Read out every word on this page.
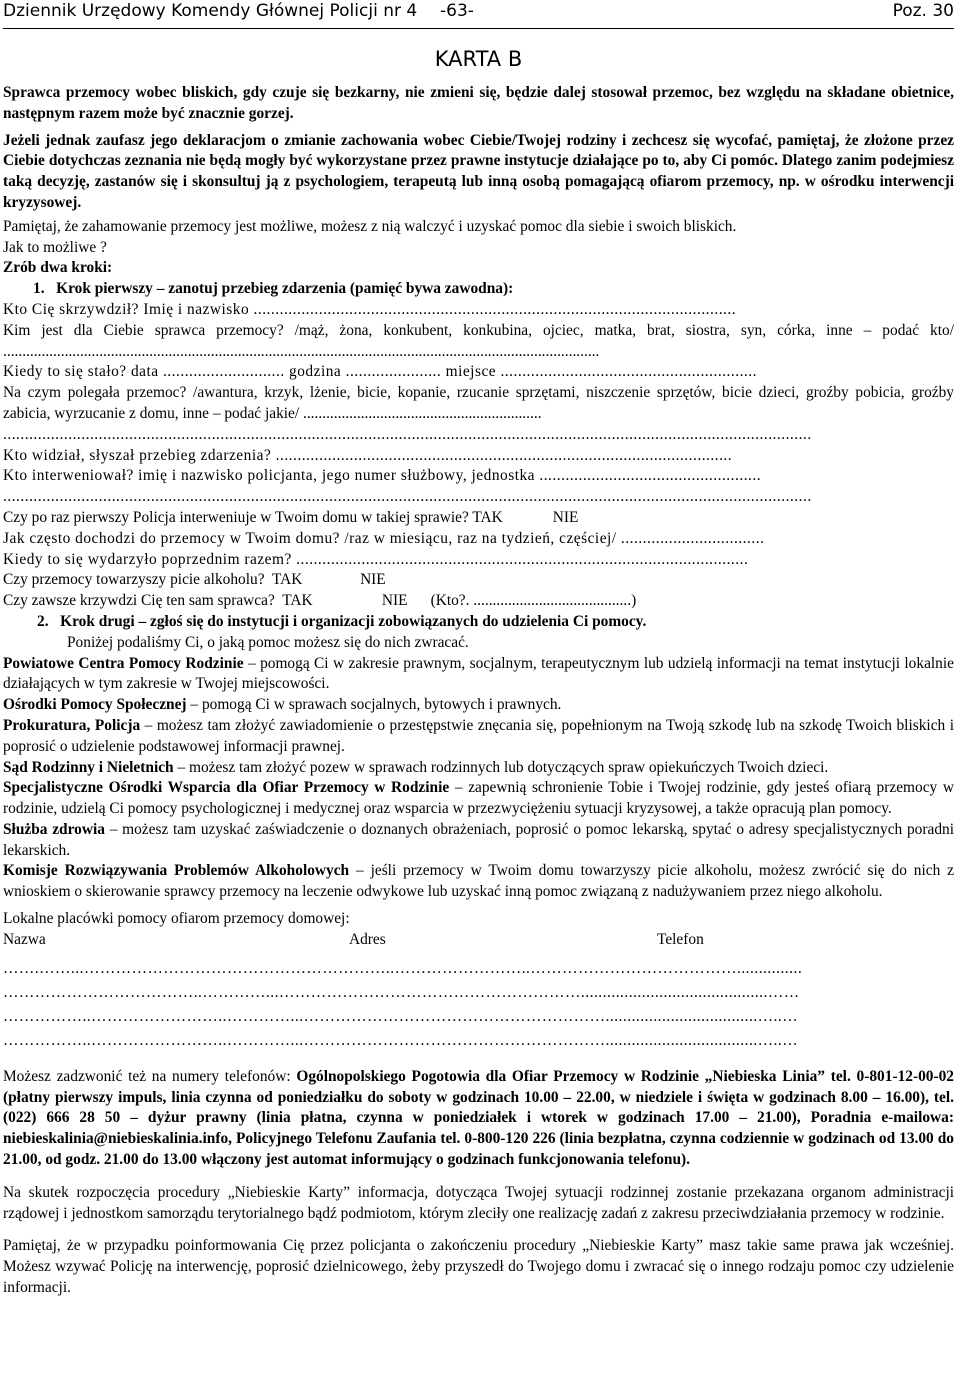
Dziennik Urzędowy Komendy Głównej Policji nr 4 -63-	Poz. 30
KARTA B

Sprawca przemocy wobec bliskich, gdy czuje się bezkarny, nie zmieni się, będzie dalej stosował przemoc, bez względu na składane obietnice, następnym razem może być znacznie gorzej.

Jeżeli jednak zaufasz jego deklaracjom o zmianie zachowania wobec Ciebie/Twojej rodziny i zechcesz się wycofać, pamiętaj, że złożone przez Ciebie dotychczas zeznania nie będą mogły być wykorzystane przez prawne instytucje działające po to, aby Ci pomóc. Dlatego zanim podejmiesz taką decyzję, zastanów się i skonsultuj ją z psychologiem, terapeutą lub inną osobą pomagającą ofiarom przemocy, np. w ośrodku interwencji kryzysowej.

Pamiętaj, że zahamowanie przemocy jest możliwe, możesz z nią walczyć i uzyskać pomoc dla siebie i swoich bliskich.

Jak to możliwe ?

Zrób dwa kroki:

1. Krok pierwszy – zanotuj przebieg zdarzenia (pamięć bywa zawodna):

Kto Cię skrzywdził? Imię i nazwisko ...............................................................................................................

Kim jest dla Ciebie sprawca przemocy? /mąż, żona, konkubent, konkubina, ojciec, matka, brat, siostra, syn, córka, inne – podać kto/ ...........................................................................................................................................................

Kiedy to się stało? data ............................ godzina ...................... miejsce ...........................................................

Na czym polegała przemoc? /awantura, krzyk, lżenie, bicie, kopanie, rzucanie sprzętami, niszczenie sprzętów, bicie dzieci, groźby pobicia, groźby zabicia, wyrzucanie z domu, inne – podać jakie/ ..............................................................

..........................................................................................................................................................................................

Kto widział, słyszał przebieg zdarzenia? .........................................................................................................

Kto interweniował? imię i nazwisko policjanta, jego numer służbowy, jednostka ...................................................

..........................................................................................................................................................................................

Czy po raz pierwszy Policja interweniuje w Twoim domu w takiej sprawie? TAK             NIE

Jak często dochodzi do przemocy w Twoim domu? /raz w miesiącu, raz na tydzień, częściej/ .................................

Kiedy to się wydarzyło poprzednim razem? ........................................................................................................

Czy przemocy towarzyszy picie alkoholu?  TAK               NIE

Czy zawsze krzywdzi Cię ten sam sprawca?  TAK                  NIE      (Kto?. .........................................)

2. Krok drugi – zgłoś się do instytucji i organizacji zobowiązanych do udzielenia Ci pomocy.

Poniżej podaliśmy Ci, o jaką pomoc możesz się do nich zwracać.

Powiatowe Centra Pomocy Rodzinie – pomogą Ci w zakresie prawnym, socjalnym, terapeutycznym lub udzielą informacji na temat instytucji lokalnie działających w tym zakresie w Twojej miejscowości.

Ośrodki Pomocy Społecznej – pomogą Ci w sprawach socjalnych, bytowych i prawnych.

Prokuratura, Policja – możesz tam złożyć zawiadomienie o przestępstwie znęcania się, popełnionym na Twoją szkodę lub na szkodę Twoich bliskich i poprosić o udzielenie podstawowej informacji prawnej.

Sąd Rodzinny i Nieletnich – możesz tam złożyć pozew w sprawach rodzinnych lub dotyczących spraw opiekuńczych Twoich dzieci.

Specjalistyczne Ośrodki Wsparcia dla Ofiar Przemocy w Rodzinie – zapewnią schronienie Tobie i Twojej rodzinie, gdy jesteś ofiarą przemocy w rodzinie, udzielą Ci pomocy psychologicznej i medycznej oraz wsparcia w przezwyciężeniu sytuacji kryzysowej, a także opracują plan pomocy.

Służba zdrowia – możesz tam uzyskać zaświadczenie o doznanych obrażeniach, poprosić o pomoc lekarską, spytać o adresy specjalistycznych poradni lekarskich.

Komisje Rozwiązywania Problemów Alkoholowych – jeśli przemocy w Twoim domu towarzyszy picie alkoholu, możesz zwrócić się do nich z wnioskiem o skierowanie sprawcy przemocy na leczenie odwykowe lub uzyskać inną pomoc związaną z nadużywaniem przez niego alkoholu.

Lokalne placówki pomocy ofiarom przemocy domowej:

Nazwa	Adres	Telefon

…….……...…………………………………………………..……………………..…………………………………...............

………………………………..…………...…………………………………………………...........................................……

……………..……………………..…………...…………………………………………………...................................…..…

……………..……………………..…………...…………………………………………………...................................…..…

Możesz zadzwonić też na numery telefonów: Ogólnopolskiego Pogotowia dla Ofiar Przemocy w Rodzinie „Niebieska Linia” tel. 0-801-12-00-02 (płatny pierwszy impuls, linia czynna od poniedziałku do soboty w godzinach 10.00 – 22.00, w niedziele i święta w godzinach 8.00 – 16.00), tel. (022) 666 28 50 – dyżur prawny (linia płatna, czynna w poniedziałek i wtorek w godzinach 17.00 – 21.00), Poradnia e-mailowa: niebieskalinia@niebieskalinia.info, Policyjnego Telefonu Zaufania tel. 0-800-120 226 (linia bezpłatna, czynna codziennie w godzinach od 13.00 do 21.00, od godz. 21.00 do 13.00 włączony jest automat informujący o godzinach funkcjonowania telefonu).

Na skutek rozpoczęcia procedury „Niebieskie Karty” informacja, dotycząca Twojej sytuacji rodzinnej zostanie przekazana organom administracji rządowej i jednostkom samorządu terytorialnego bądź podmiotom, którym zleciły one realizację zadań z zakresu przeciwdziałania przemocy w rodzinie.

Pamiętaj, że w przypadku poinformowania Cię przez policjanta o zakończeniu procedury „Niebieskie Karty” masz takie same prawa jak wcześniej. Możesz wzywać Policję na interwencję, poprosić dzielnicowego, żeby przyszedł do Twojego domu i zwracać się o innego rodzaju pomoc czy udzielenie informacji.
